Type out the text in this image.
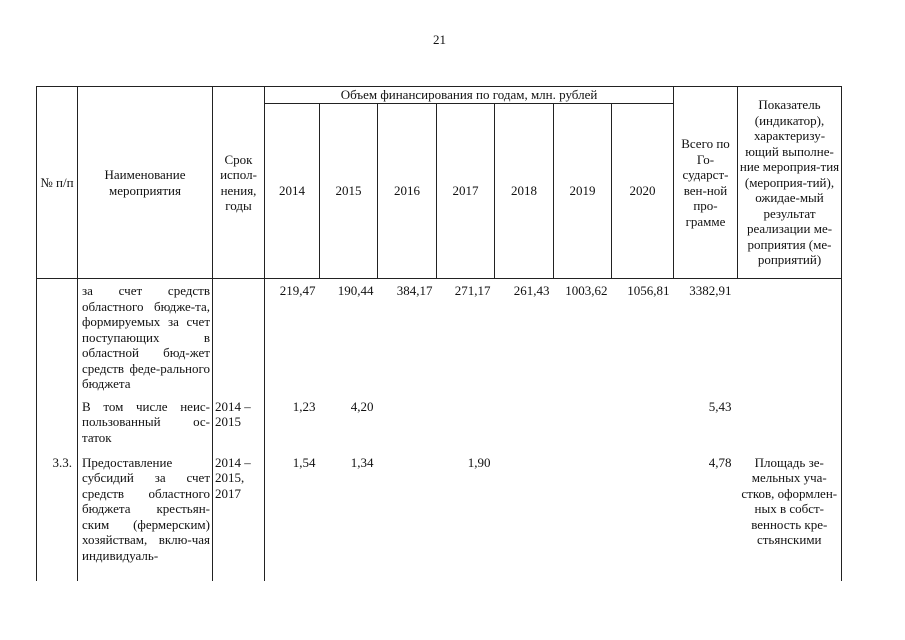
21
№ п/п	Наименование мероприятия	Срок испол-нения, годы	Объем финансирования по годам, млн. рублей							Всего по Го-сударст-вен-ной про-грамме	Показатель (индикатор), характеризу-ющий выполне-ние мероприя-тия (мероприя-тий), ожидае-мый результат реализации ме-роприятия (ме-роприятий)
			2014	2015	2016	2017	2018	2019	2020		
	за счет средств областного бюдже-та, формируемых за счет поступающих в областной бюд-жет средств феде-рального бюджета		219,47	190,44	384,17	271,17	261,43	1003,62	1056,81	3382,91	
	В том числе неис-пользованный ос-таток	2014 – 2015	1,23	4,20						5,43	
3.3.	Предоставление субсидий за счет средств областного бюджета крестьян-ским (фермерским) хозяйствам, вклю-чая индивидуаль-	2014 – 2015, 2017	1,54	1,34		1,90				4,78	Площадь зе-мельных уча-стков, оформлен-ных в собст-венность кре-стьянскими
